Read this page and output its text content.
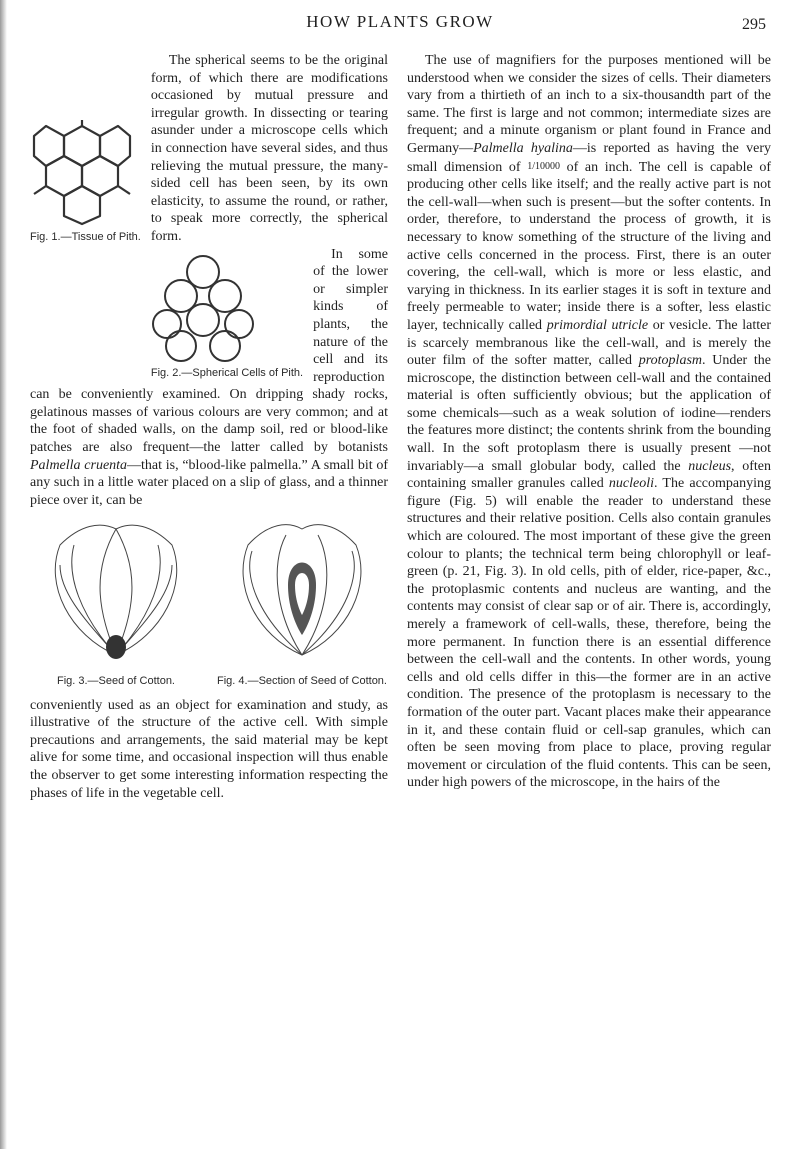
HOW PLANTS GROW	295

Fig. 1.—Tissue of Pith.
The spherical seems to be the original form, of which there are modifications occasioned by mutual pressure and irregular growth. In dissecting or tearing asunder under a microscope cells which in connection have several sides, and thus relieving the mutual pressure, the many-sided cell has been seen, by its own elasticity, to assume the round, or rather, to speak more correctly, the spherical form.

Fig. 2.—Spherical Cells of Pith.
In some of the lower or simpler kinds of plants, the nature of the cell and its reproduction can be conveniently examined. On dripping shady rocks, gelatinous masses of various colours are very common; and at the foot of shaded walls, on the damp soil, red or blood-like patches are also frequent—the latter called by botanists Palmella cruenta—that is, “blood-like palmella.” A small bit of any such in a little water placed on a slip of glass, and a thinner piece over it, can be

Fig. 3.—Seed of Cotton.	Fig. 4.—Section of Seed of Cotton.

conveniently used as an object for examination and study, as illustrative of the structure of the active cell. With simple precautions and arrangements, the said material may be kept alive for some time, and occasional inspection will thus enable the observer to get some interesting information respecting the phases of life in the vegetable cell.

The use of magnifiers for the purposes mentioned will be understood when we consider the sizes of cells. Their diameters vary from a thirtieth of an inch to a six-thousandth part of the same. The first is large and not common; intermediate sizes are frequent; and a minute organism or plant found in France and Germany—Palmella hyalina—is reported as having the very small dimension of 1/10000 of an inch. The cell is capable of producing other cells like itself; and the really active part is not the cell-wall—when such is present—but the softer contents. In order, therefore, to understand the process of growth, it is necessary to know something of the structure of the living and active cells concerned in the process. First, there is an outer covering, the cell-wall, which is more or less elastic, and varying in thickness. In its earlier stages it is soft in texture and freely permeable to water; inside there is a softer, less elastic layer, technically called primordial utricle or vesicle. The latter is scarcely membranous like the cell-wall, and is merely the outer film of the softer matter, called protoplasm. Under the microscope, the distinction between cell-wall and the contained material is often sufficiently obvious; but the application of some chemicals—such as a weak solution of iodine—renders the features more distinct; the contents shrink from the bounding wall. In the soft protoplasm there is usually present —not invariably—a small globular body, called the nucleus, often containing smaller granules called nucleoli. The accompanying figure (Fig. 5) will enable the reader to understand these structures and their relative position. Cells also contain granules which are coloured. The most important of these give the green colour to plants; the technical term being chlorophyll or leaf-green (p. 21, Fig. 3). In old cells, pith of elder, rice-paper, &c., the protoplasmic contents and nucleus are wanting, and the contents may consist of clear sap or of air. There is, accordingly, merely a framework of cell-walls, these, therefore, being the more permanent. In function there is an essential difference between the cell-wall and the contents. In other words, young cells and old cells differ in this—the former are in an active condition. The presence of the protoplasm is necessary to the formation of the outer part. Vacant places make their appearance in it, and these contain fluid or cell-sap granules, which can often be seen moving from place to place, proving regular movement or circulation of the fluid contents. This can be seen, under high powers of the microscope, in the hairs of the
